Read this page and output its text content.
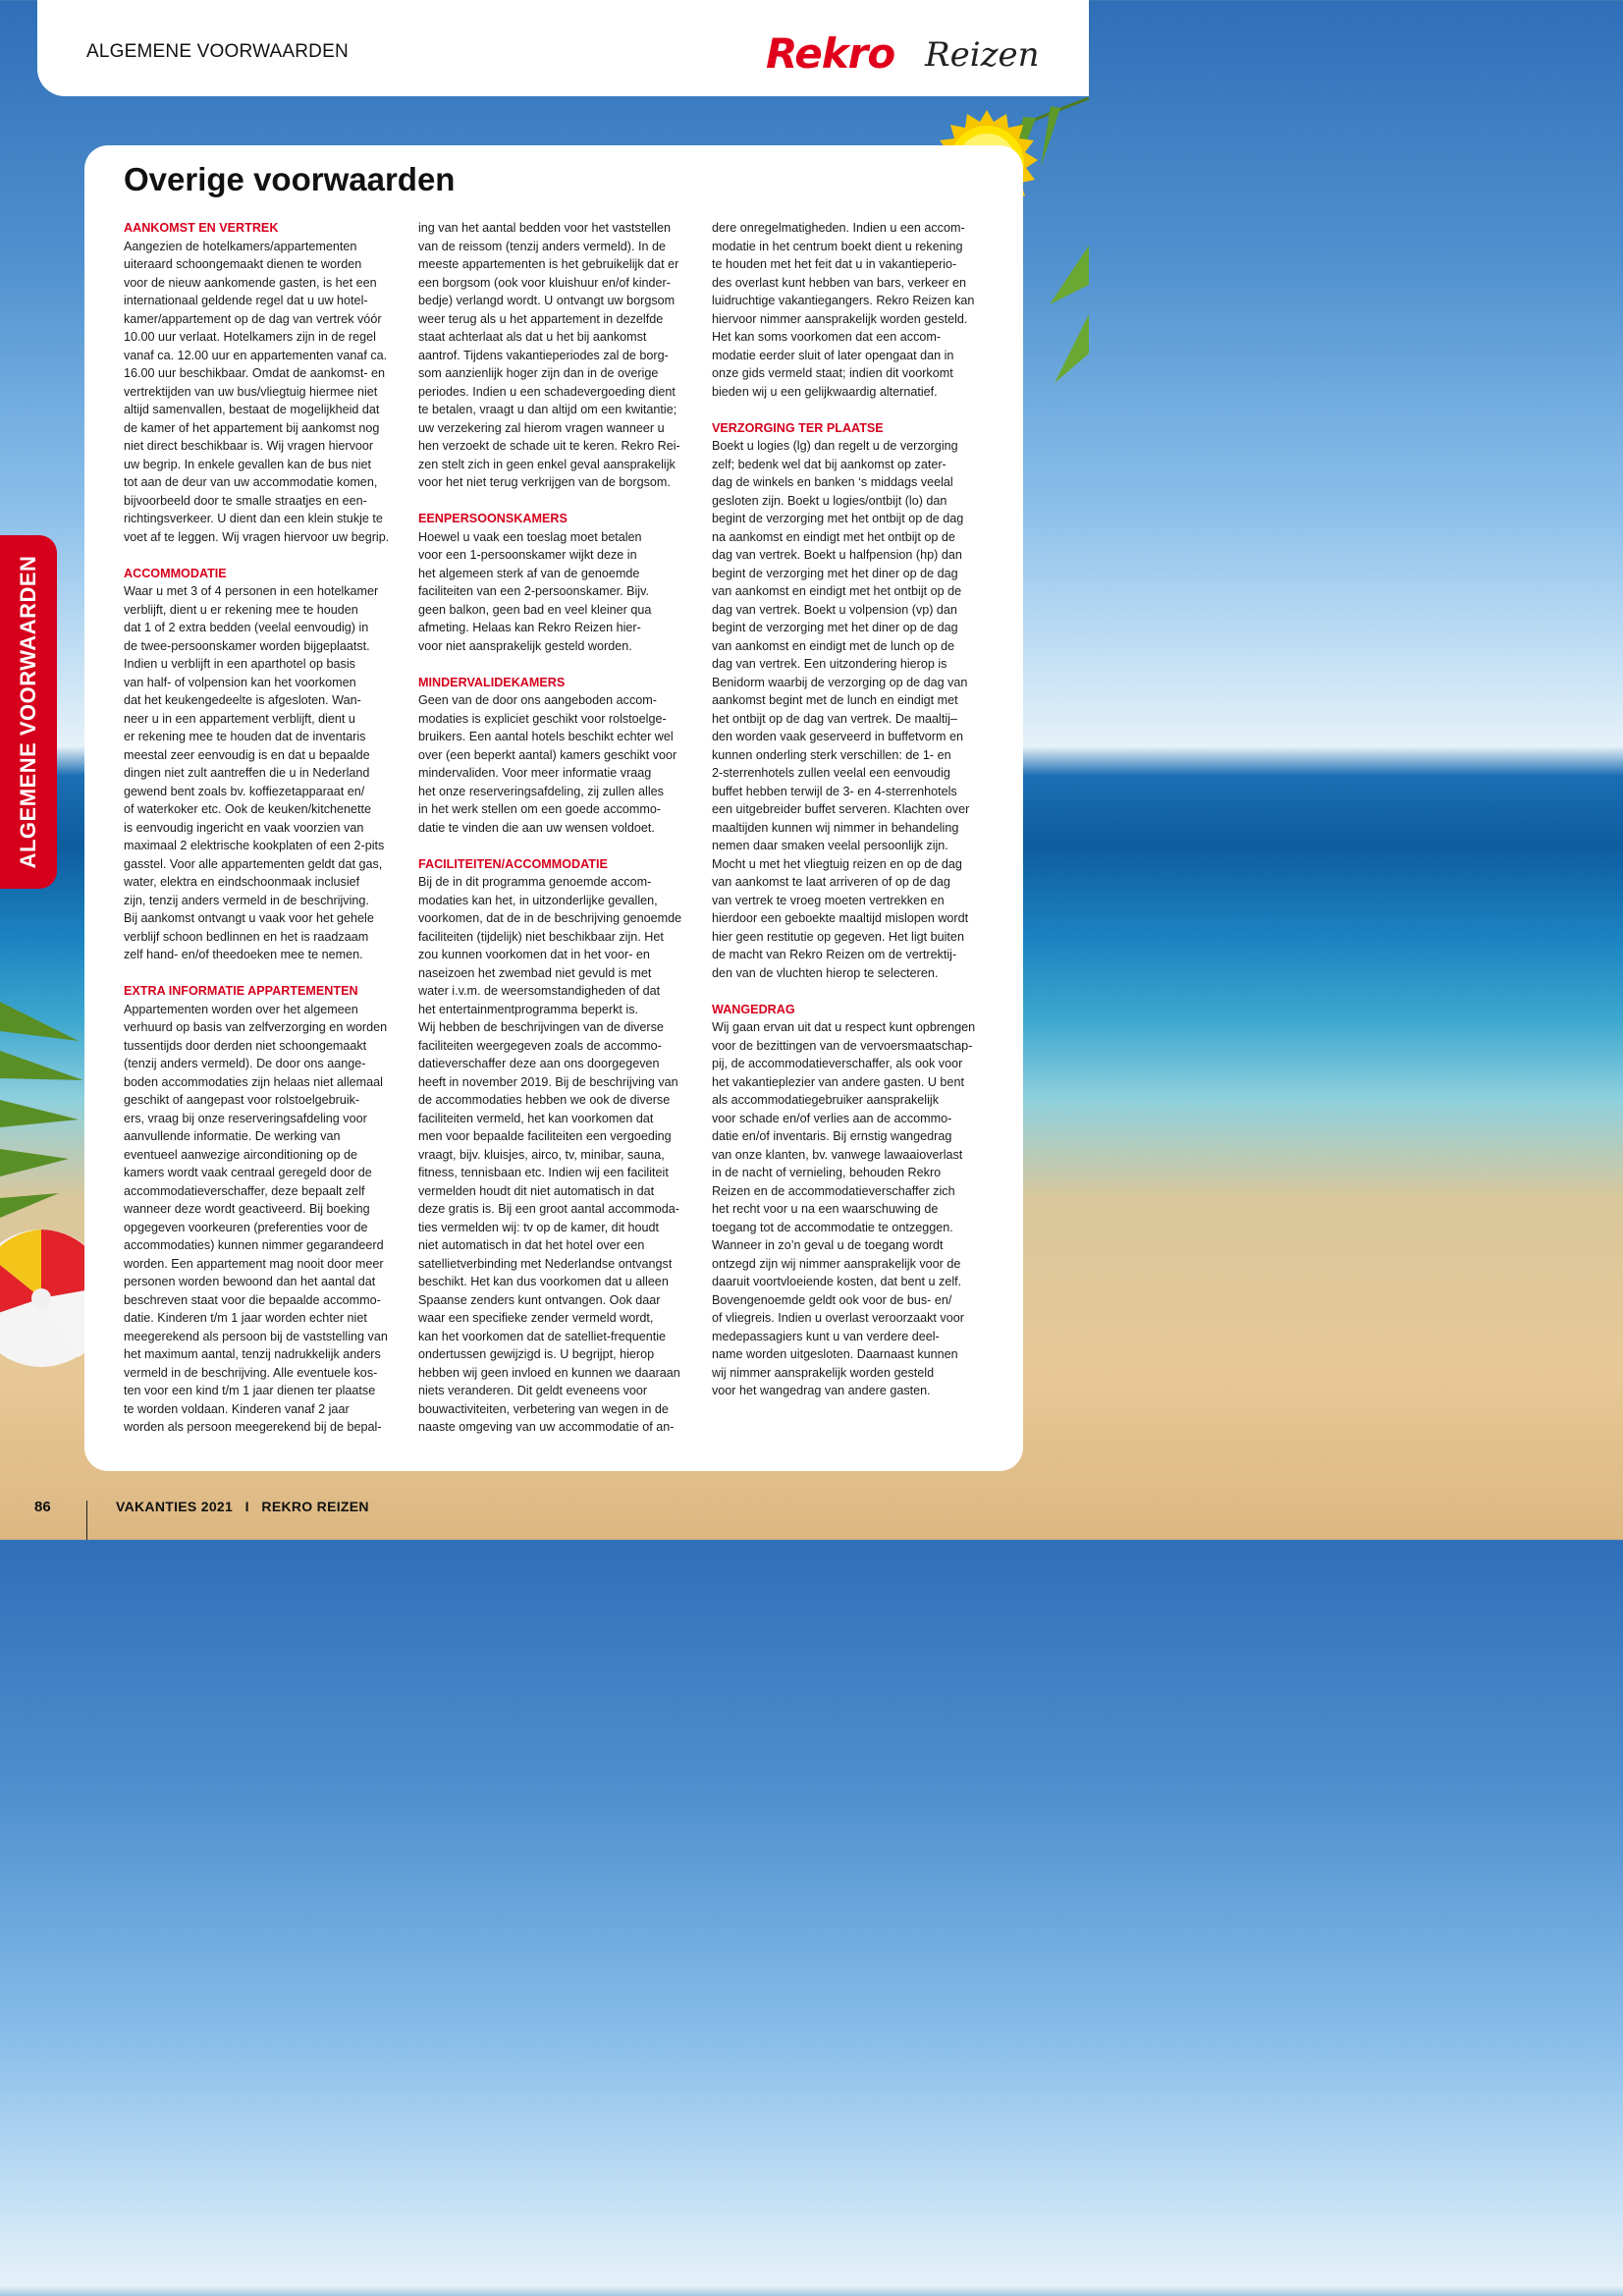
ALGEMENE VOORWAARDEN	Rekro Reizen
Overige voorwaarden
AANKOMST EN VERTREK
Aangezien de hotelkamers/appartementen
uiteraard schoongemaakt dienen te worden
voor de nieuw aankomende gasten, is het een
internationaal geldende regel dat u uw hotel-
kamer/appartement op de dag van vertrek vóór
10.00 uur verlaat. Hotelkamers zijn in de regel
vanaf ca. 12.00 uur en appartementen vanaf ca.
16.00 uur beschikbaar. Omdat de aankomst- en
vertrektijden van uw bus/vliegtuig hiermee niet
altijd samenvallen, bestaat de mogelijkheid dat
de kamer of het appartement bij aankomst nog
niet direct beschikbaar is. Wij vragen hiervoor
uw begrip. In enkele gevallen kan de bus niet
tot aan de deur van uw accommodatie komen,
bijvoorbeeld door te smalle straatjes en een-
richtingsverkeer. U dient dan een klein stukje te
voet af te leggen. Wij vragen hiervoor uw begrip.
ACCOMMODATIE
Waar u met 3 of 4 personen in een hotelkamer
verblijft, dient u er rekening mee te houden
dat 1 of 2 extra bedden (veelal eenvoudig) in
de twee-persoonskamer worden bijgeplaatst.
Indien u verblijft in een aparthotel op basis
van half- of volpension kan het voorkomen
dat het keukengedeelte is afgesloten. Wan-
neer u in een appartement verblijft, dient u
er rekening mee te houden dat de inventaris
meestal zeer eenvoudig is en dat u bepaalde
dingen niet zult aantreffen die u in Nederland
gewend bent zoals bv. koffiezetapparaat en/
of waterkoker etc. Ook de keuken/kitchenette
is eenvoudig ingericht en vaak voorzien van
maximaal 2 elektrische kookplaten of een 2-pits
gasstel. Voor alle appartementen geldt dat gas,
water, elektra en eindschoonmaak inclusief
zijn, tenzij anders vermeld in de beschrijving.
Bij aankomst ontvangt u vaak voor het gehele
verblijf schoon bedlinnen en het is raadzaam
zelf hand- en/of theedoeken mee te nemen.
EXTRA INFORMATIE APPARTEMENTEN
Appartementen worden over het algemeen
verhuurd op basis van zelfverzorging en worden
tussentijds door derden niet schoongemaakt
(tenzij anders vermeld). De door ons aange-
boden accommodaties zijn helaas niet allemaal
geschikt of aangepast voor rolstoelgebruik-
ers, vraag bij onze reserveringsafdeling voor
aanvullende informatie. De werking van
eventueel aanwezige airconditioning op de
kamers wordt vaak centraal geregeld door de
accommodatieverschaffer, deze bepaalt zelf
wanneer deze wordt geactiveerd. Bij boeking
opgegeven voorkeuren (preferenties voor de
accommodaties) kunnen nimmer gegarandeerd
worden. Een appartement mag nooit door meer
personen worden bewoond dan het aantal dat
beschreven staat voor die bepaalde accommo-
datie. Kinderen t/m 1 jaar worden echter niet
meegerekend als persoon bij de vaststelling van
het maximum aantal, tenzij nadrukkelijk anders
vermeld in de beschrijving. Alle eventuele kos-
ten voor een kind t/m 1 jaar dienen ter plaatse
te worden voldaan. Kinderen vanaf 2 jaar
worden als persoon meegerekend bij de bepal-
ing van het aantal bedden voor het vaststellen
van de reissom (tenzij anders vermeld). In de
meeste appartementen is het gebruikelijk dat er
een borgsom (ook voor kluishuur en/of kinder-
bedje) verlangd wordt. U ontvangt uw borgsom
weer terug als u het appartement in dezelfde
staat achterlaat als dat u het bij aankomst
aantrof. Tijdens vakantieperiodes zal de borg-
som aanzienlijk hoger zijn dan in de overige
periodes. Indien u een schadevergoeding dient
te betalen, vraagt u dan altijd om een kwitantie;
uw verzekering zal hierom vragen wanneer u
hen verzoekt de schade uit te keren. Rekro Rei-
zen stelt zich in geen enkel geval aansprakelijk
voor het niet terug verkrijgen van de borgsom.
EENPERSOONSKAMERS
Hoewel u vaak een toeslag moet betalen
voor een 1-persoonskamer wijkt deze in
het algemeen sterk af van de genoemde
faciliteiten van een 2-persoonskamer. Bijv.
geen balkon, geen bad en veel kleiner qua
afmeting. Helaas kan Rekro Reizen hier-
voor niet aansprakelijk gesteld worden.
MINDERVALIDEKAMERS
Geen van de door ons aangeboden accom-
modaties is expliciet geschikt voor rolstoelge-
bruikers. Een aantal hotels beschikt echter wel
over (een beperkt aantal) kamers geschikt voor
mindervaliden. Voor meer informatie vraag
het onze reserveringsafdeling, zij zullen alles
in het werk stellen om een goede accommo-
datie te vinden die aan uw wensen voldoet.
FACILITEITEN/ACCOMMODATIE
Bij de in dit programma genoemde accom-
modaties kan het, in uitzonderlijke gevallen,
voorkomen, dat de in de beschrijving genoemde
faciliteiten (tijdelijk) niet beschikbaar zijn. Het
zou kunnen voorkomen dat in het voor- en
naseizoen het zwembad niet gevuld is met
water i.v.m. de weersomstandigheden of dat
het entertainmentprogramma beperkt is.
Wij hebben de beschrijvingen van de diverse
faciliteiten weergegeven zoals de accommo-
datieverschaffer deze aan ons doorgegeven
heeft in november 2019. Bij de beschrijving van
de accommodaties hebben we ook de diverse
faciliteiten vermeld, het kan voorkomen dat
men voor bepaalde faciliteiten een vergoeding
vraagt, bijv. kluisjes, airco, tv, minibar, sauna,
fitness, tennisbaan etc. Indien wij een faciliteit
vermelden houdt dit niet automatisch in dat
deze gratis is. Bij een groot aantal accommoda-
ties vermelden wij: tv op de kamer, dit houdt
niet automatisch in dat het hotel over een
satellietverbinding met Nederlandse ontvangst
beschikt. Het kan dus voorkomen dat u alleen
Spaanse zenders kunt ontvangen. Ook daar
waar een specifieke zender vermeld wordt,
kan het voorkomen dat de satelliet-frequentie
ondertussen gewijzigd is. U begrijpt, hierop
hebben wij geen invloed en kunnen we daaraan
niets veranderen. Dit geldt eveneens voor
bouwactiviteiten, verbetering van wegen in de
naaste omgeving van uw accommodatie of an-
dere onregelmatigheden. Indien u een accom-
modatie in het centrum boekt dient u rekening
te houden met het feit dat u in vakantieperio-
des overlast kunt hebben van bars, verkeer en
luidruchtige vakantiegangers. Rekro Reizen kan
hiervoor nimmer aansprakelijk worden gesteld.
Het kan soms voorkomen dat een accom-
modatie eerder sluit of later opengaat dan in
onze gids vermeld staat; indien dit voorkomt
bieden wij u een gelijkwaardig alternatief.
VERZORGING TER PLAATSE
Boekt u logies (lg) dan regelt u de verzorging
zelf; bedenk wel dat bij aankomst op zater-
dag de winkels en banken ‘s middags veelal
gesloten zijn. Boekt u logies/ontbijt (lo) dan
begint de verzorging met het ontbijt op de dag
na aankomst en eindigt met het ontbijt op de
dag van vertrek. Boekt u halfpension (hp) dan
begint de verzorging met het diner op de dag
van aankomst en eindigt met het ontbijt op de
dag van vertrek. Boekt u volpension (vp) dan
begint de verzorging met het diner op de dag
van aankomst en eindigt met de lunch op de
dag van vertrek. Een uitzondering hierop is
Benidorm waarbij de verzorging op de dag van
aankomst begint met de lunch en eindigt met
het ontbijt op de dag van vertrek. De maaltij–
den worden vaak geserveerd in buffetvorm en
kunnen onderling sterk verschillen: de 1- en
2-sterrenhotels zullen veelal een eenvoudig
buffet hebben terwijl de 3- en 4-sterrenhotels
een uitgebreider buffet serveren. Klachten over
maaltijden kunnen wij nimmer in behandeling
nemen daar smaken veelal persoonlijk zijn.
Mocht u met het vliegtuig reizen en op de dag
van aankomst te laat arriveren of op de dag
van vertrek te vroeg moeten vertrekken en
hierdoor een geboekte maaltijd mislopen wordt
hier geen restitutie op gegeven. Het ligt buiten
de macht van Rekro Reizen om de vertrektij-
den van de vluchten hierop te selecteren.
WANGEDRAG
Wij gaan ervan uit dat u respect kunt opbrengen
voor de bezittingen van de vervoersmaatschap-
pij, de accommodatieverschaffer, als ook voor
het vakantieplezier van andere gasten. U bent
als accommodatiegebruiker aansprakelijk
voor schade en/of verlies aan de accommo-
datie en/of inventaris. Bij ernstig wangedrag
van onze klanten, bv. vanwege lawaaioverlast
in de nacht of vernieling, behouden Rekro
Reizen en de accommodatieverschaffer zich
het recht voor u na een waarschuwing de
toegang tot de accommodatie te ontzeggen.
Wanneer in zo’n geval u de toegang wordt
ontzegd zijn wij nimmer aansprakelijk voor de
daaruit voortvloeiende kosten, dat bent u zelf.
Bovengenoemde geldt ook voor de bus- en/
of vliegreis. Indien u overlast veroorzaakt voor
medepassagiers kunt u van verdere deel-
name worden uitgesloten. Daarnaast kunnen
wij nimmer aansprakelijk worden gesteld
voor het wangedrag van andere gasten.
ALGEMENE VOORWAARDEN
86	VAKANTIES 2021   I   REKRO REIZEN
